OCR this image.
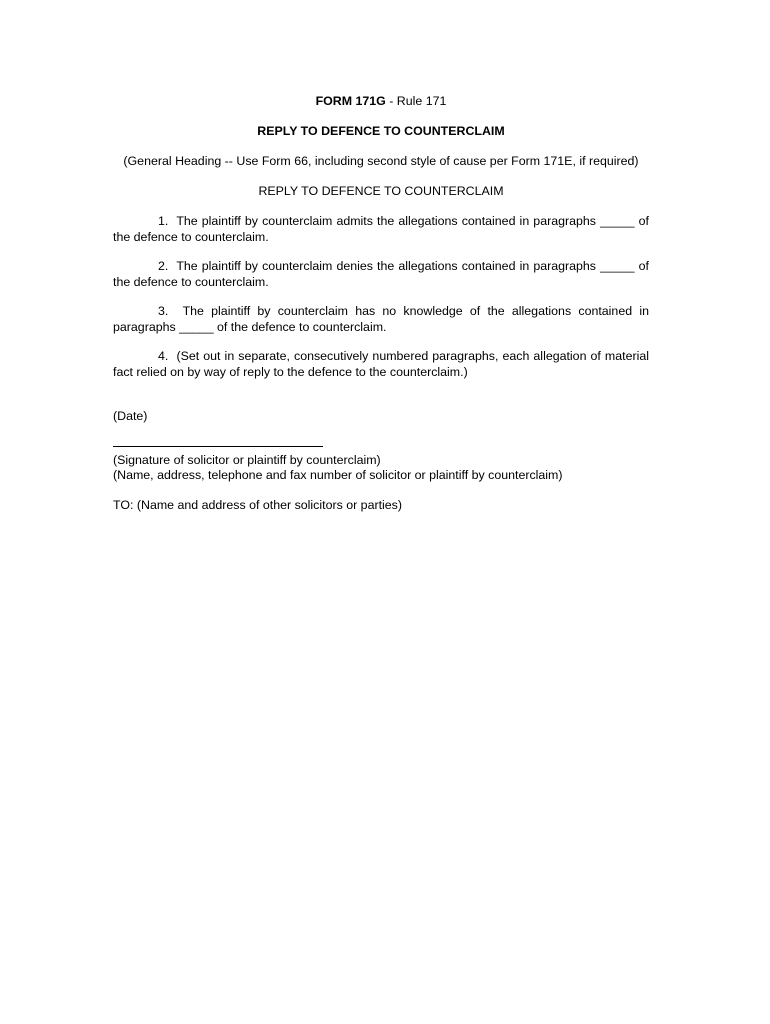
FORM 171G - Rule 171
REPLY TO DEFENCE TO COUNTERCLAIM
(General Heading -- Use Form 66, including second style of cause per Form 171E, if required)
REPLY TO DEFENCE TO COUNTERCLAIM
1. The plaintiff by counterclaim admits the allegations contained in paragraphs _____ of the defence to counterclaim.
2. The plaintiff by counterclaim denies the allegations contained in paragraphs _____ of the defence to counterclaim.
3. The plaintiff by counterclaim has no knowledge of the allegations contained in paragraphs _____ of the defence to counterclaim.
4. (Set out in separate, consecutively numbered paragraphs, each allegation of material fact relied on by way of reply to the defence to the counterclaim.)
(Date)
(Signature of solicitor or plaintiff by counterclaim)
(Name, address, telephone and fax number of solicitor or plaintiff by counterclaim)
TO: (Name and address of other solicitors or parties)
